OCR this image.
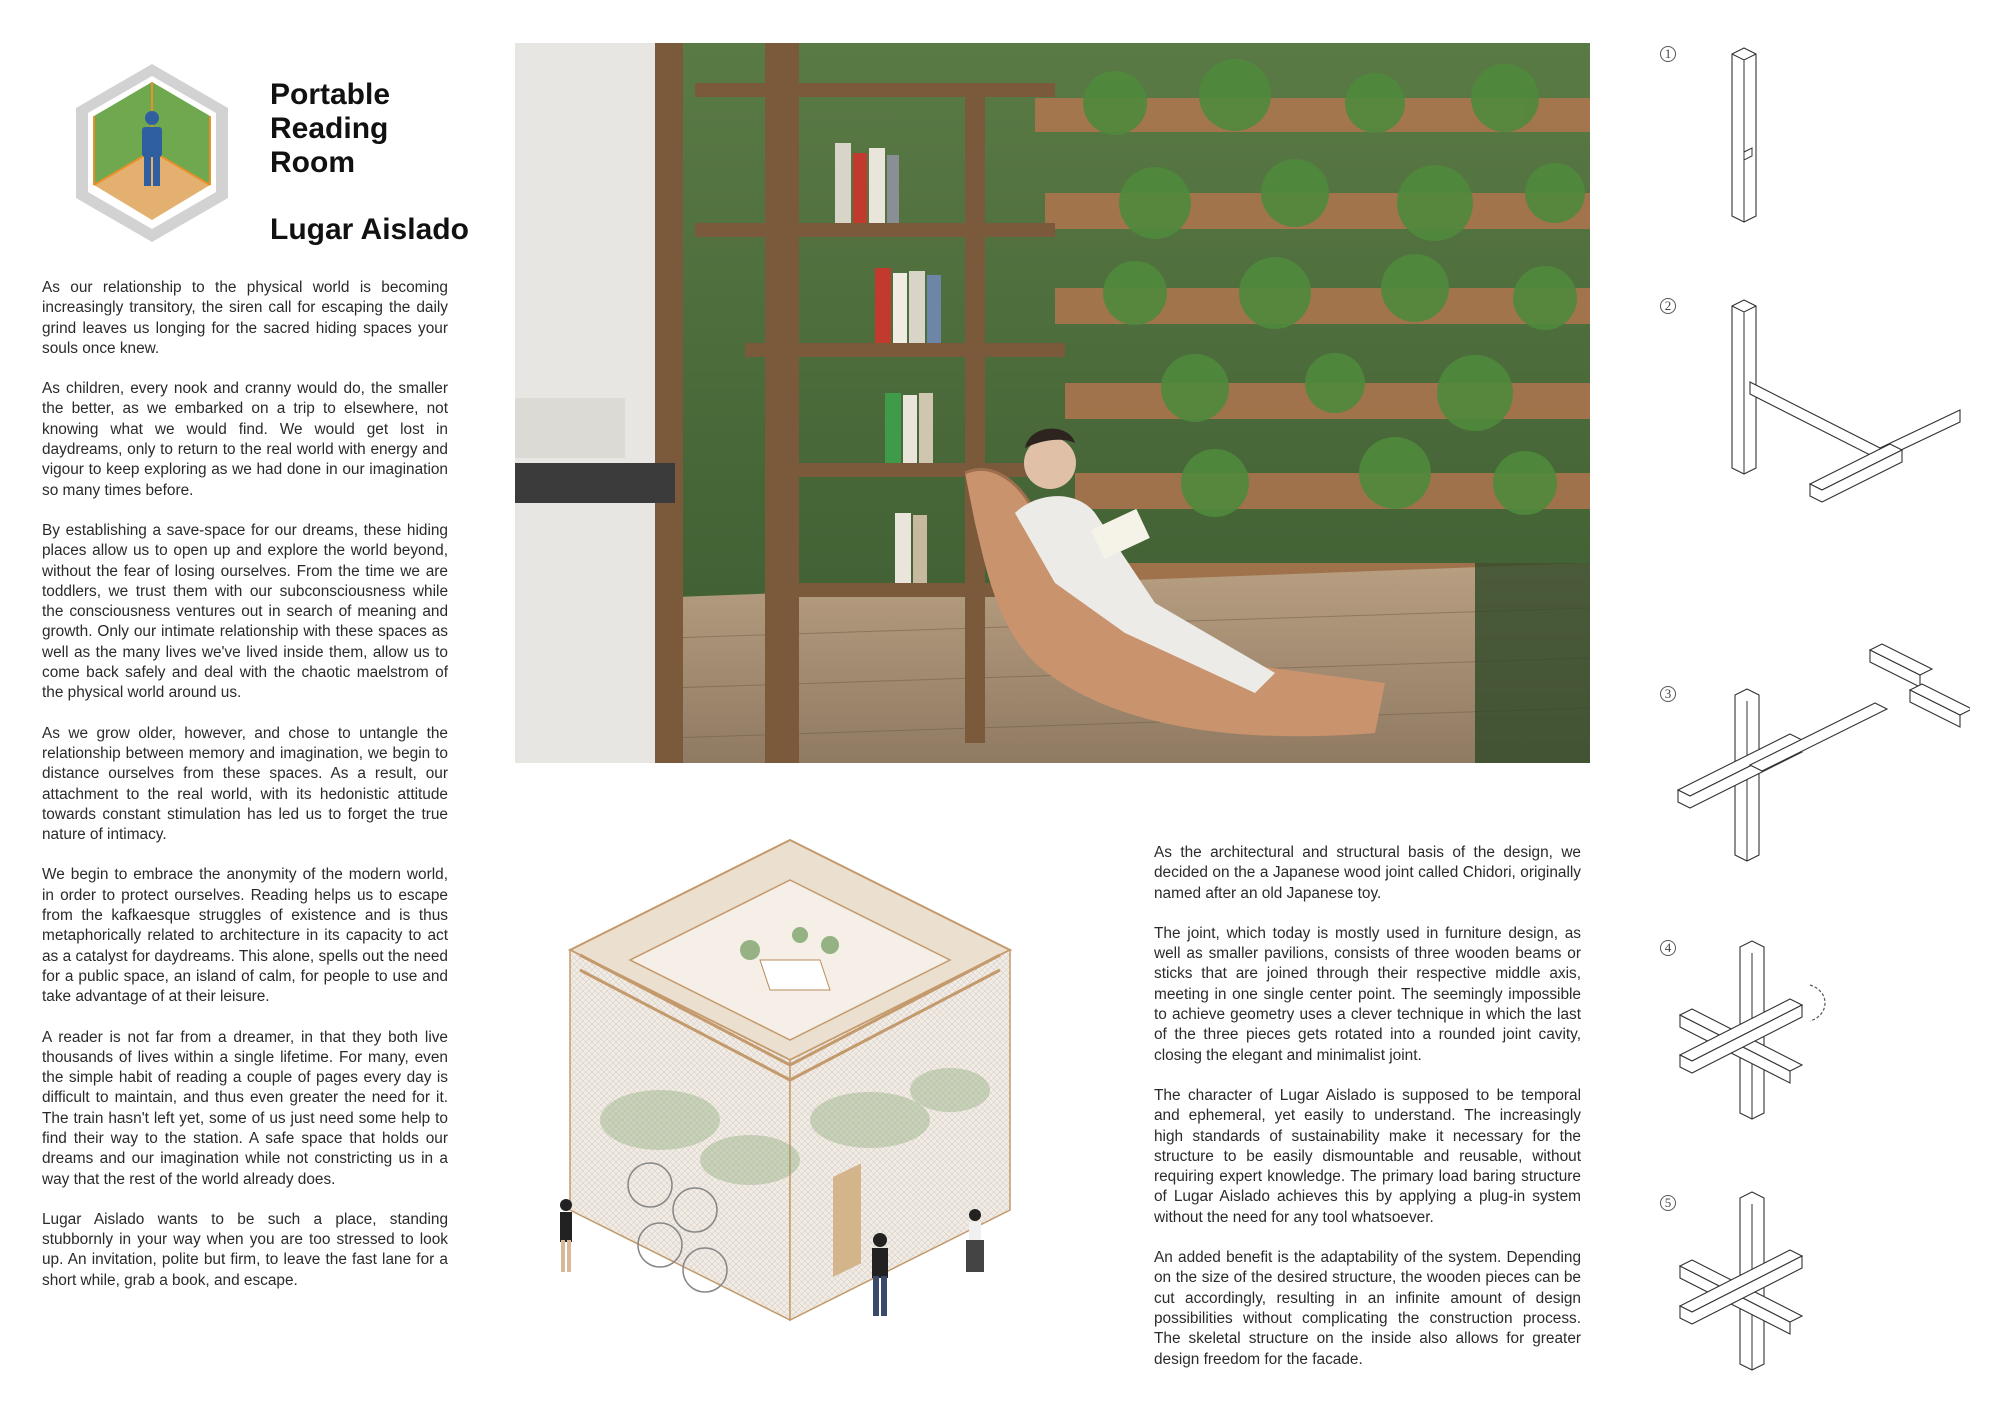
Portable
Reading
Room
Lugar Aislado

As our relationship to the physical world is becoming increasingly transitory, the siren call for escaping the daily grind leaves us longing for the sacred hiding spaces your souls once knew.

As children, every nook and cranny would do, the smaller the better, as we embarked on a trip to elsewhere, not knowing what we would find. We would get lost in daydreams, only to return to the real world with energy and vigour to keep exploring as we had done in our imagination so many times before.

By establishing a save-space for our dreams, these hiding places allow us to open up and explore the world beyond, without the fear of losing ourselves. From the time we are toddlers, we trust them with our subconsciousness while the consciousness ventures out in search of meaning and growth. Only our intimate relationship with these spaces as well as the many lives we've lived inside them, allow us to come back safely and deal with the chaotic maelstrom of the physical world around us.

As we grow older, however, and chose to untangle the relationship between memory and imagination, we begin to distance ourselves from these spaces. As a result, our attachment to the real world, with its hedonistic attitude towards constant stimulation has led us to forget the true nature of intimacy.

We begin to embrace the anonymity of the modern world, in order to protect ourselves. Reading helps us to escape from the kafkaesque struggles of existence and is thus metaphorically related to architecture in its capacity to act as a catalyst for daydreams. This alone, spells out the need for a public space, an island of calm, for people to use and take advantage of at their leisure.

A reader is not far from a dreamer, in that they both live thousands of lives within a single lifetime. For many, even the simple habit of reading a couple of pages every day is difficult to maintain, and thus even greater the need for it. The train hasn't left yet, some of us just need some help to find their way to the station. A safe space that holds our dreams and our imagination while not constricting us in a way that the rest of the world already does.

Lugar Aislado wants to be such a place, standing stubbornly in your way when you are too stressed to look up. An invitation, polite but firm, to leave the fast lane for a short while, grab a book, and escape.

As the architectural and structural basis of the design, we decided on the a Japanese wood joint called Chidori, originally named after an old Japanese toy.

The joint, which today is mostly used in furniture design, as well as smaller pavilions, consists of three wooden beams or sticks that are joined through their respective middle axis, meeting in one single center point. The seemingly impossible to achieve geometry uses a clever technique in which the last of the three pieces gets rotated into a rounded joint cavity, closing the elegant and minimalist joint.

The character of Lugar Aislado is supposed to be temporal and ephemeral, yet easily to understand. The increasingly high standards of sustainability make it necessary for the structure to be easily dismountable and reusable, without requiring expert knowledge. The primary load baring structure of Lugar Aislado achieves this by applying a plug-in system without the need for any tool whatsoever.

An added benefit is the adaptability of the system. Depending on the size of the desired structure, the wooden pieces can be cut accordingly, resulting in an infinite amount of design possibilities without complicating the construction process. The skeletal structure on the inside also allows for greater design freedom for the facade.

1
2
3
4
5
